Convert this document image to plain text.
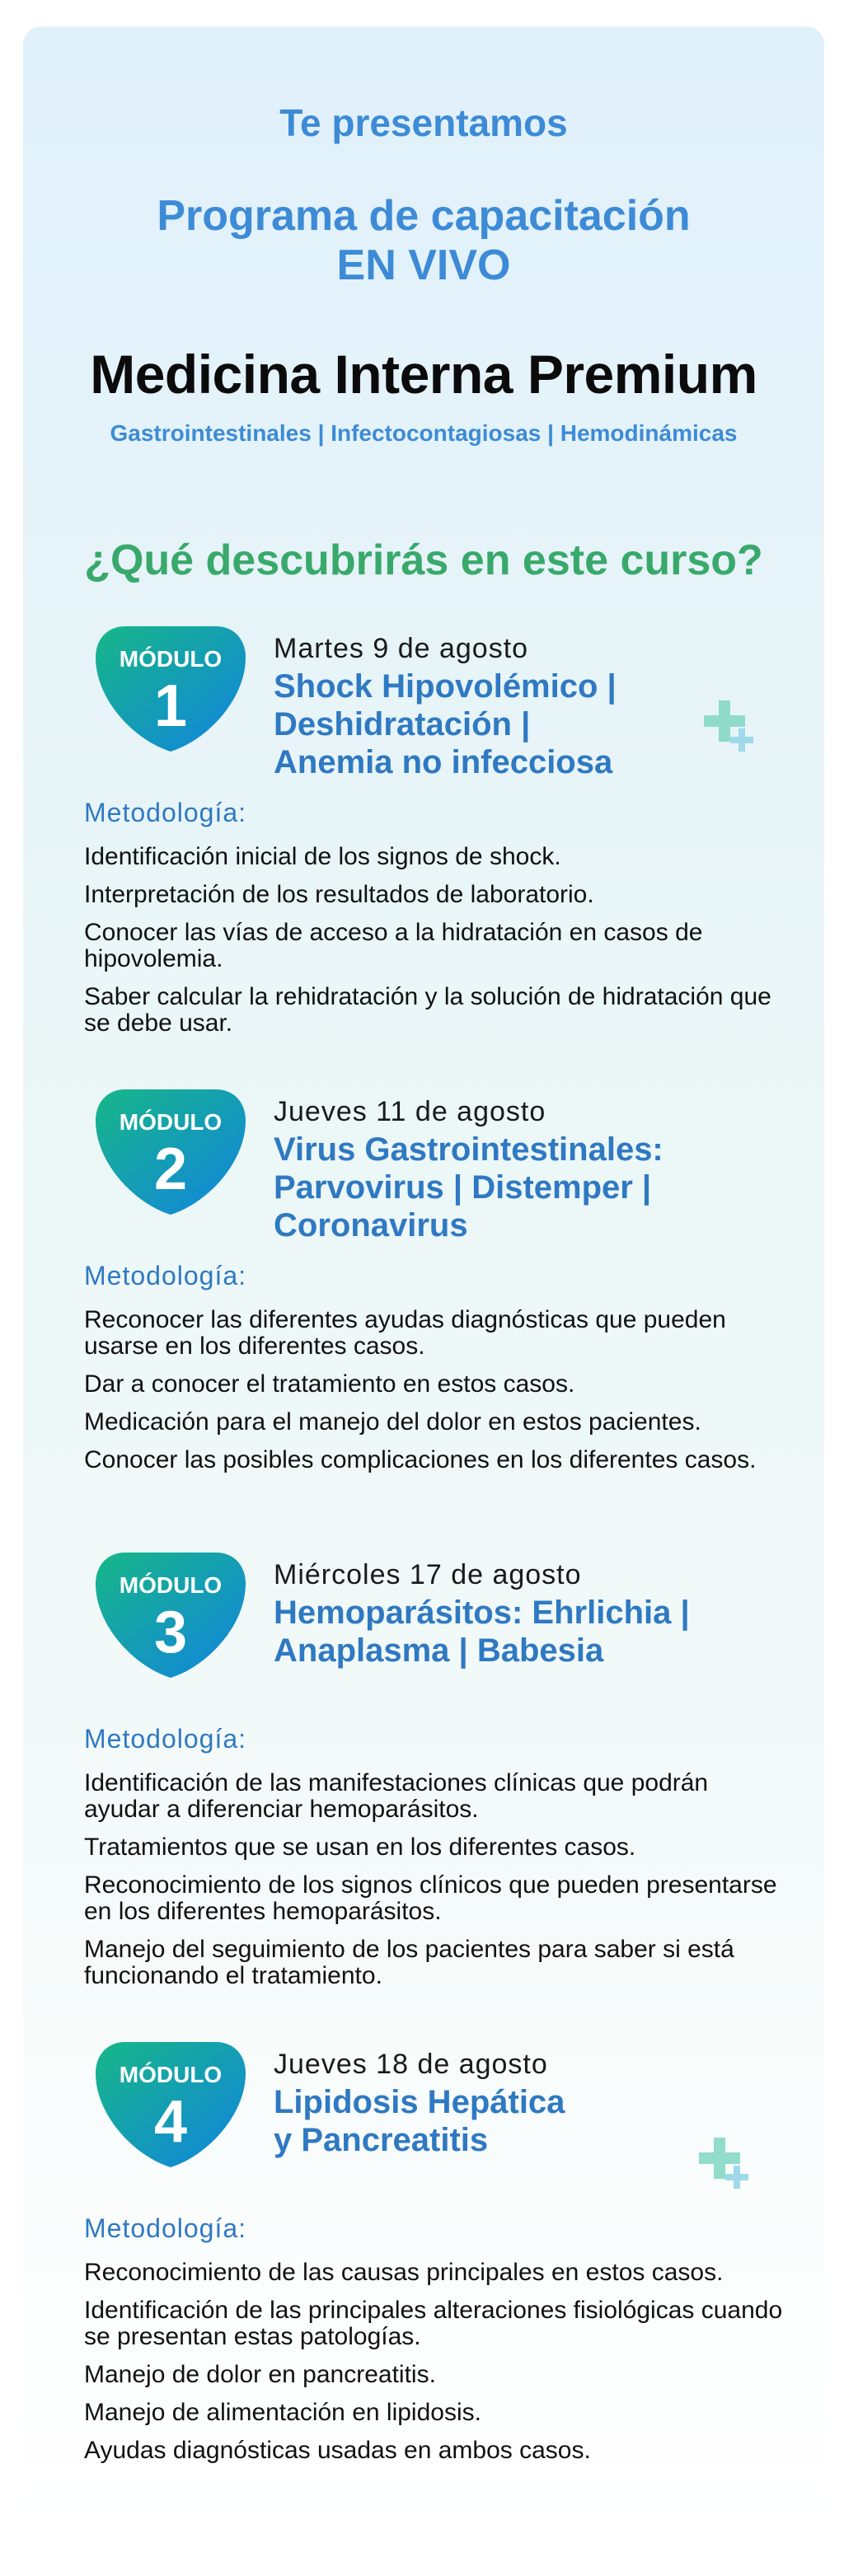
Te presentamos
Programa de capacitación
EN VIVO
Medicina Interna Premium
Gastrointestinales | Infectocontagiosas | Hemodinámicas
¿Qué descubrirás en este curso?
MÓDULO
1
Martes 9 de agosto
Shock Hipovolémico |
Deshidratación |
Anemia no infecciosa
Metodología:
Identificación inicial de los signos de shock.
Interpretación de los resultados de laboratorio.
Conocer las vías de acceso a la hidratación en casos de hipovolemia.
Saber calcular la rehidratación y la solución de hidratación que se debe usar.
MÓDULO
2
Jueves 11 de agosto
Virus Gastrointestinales:
Parvovirus | Distemper |
Coronavirus
Metodología:
Reconocer las diferentes ayudas diagnósticas que pueden usarse en los diferentes casos.
Dar a conocer el tratamiento en estos casos.
Medicación para el manejo del dolor en estos pacientes.
Conocer las posibles complicaciones en los diferentes casos.
MÓDULO
3
Miércoles 17 de agosto
Hemoparásitos: Ehrlichia |
Anaplasma | Babesia
Metodología:
Identificación de las manifestaciones clínicas que podrán ayudar a diferenciar hemoparásitos.
Tratamientos que se usan en los diferentes casos.
Reconocimiento de los signos clínicos que pueden presentarse en los diferentes hemoparásitos.
Manejo del seguimiento de los pacientes para saber si está funcionando el tratamiento.
MÓDULO
4
Jueves 18 de agosto
Lipidosis Hepática
y Pancreatitis
Metodología:
Reconocimiento de las causas principales en estos casos.
Identificación de las principales alteraciones fisiológicas cuando se presentan estas patologías.
Manejo de dolor en pancreatitis.
Manejo de alimentación en lipidosis.
Ayudas diagnósticas usadas en ambos casos.
